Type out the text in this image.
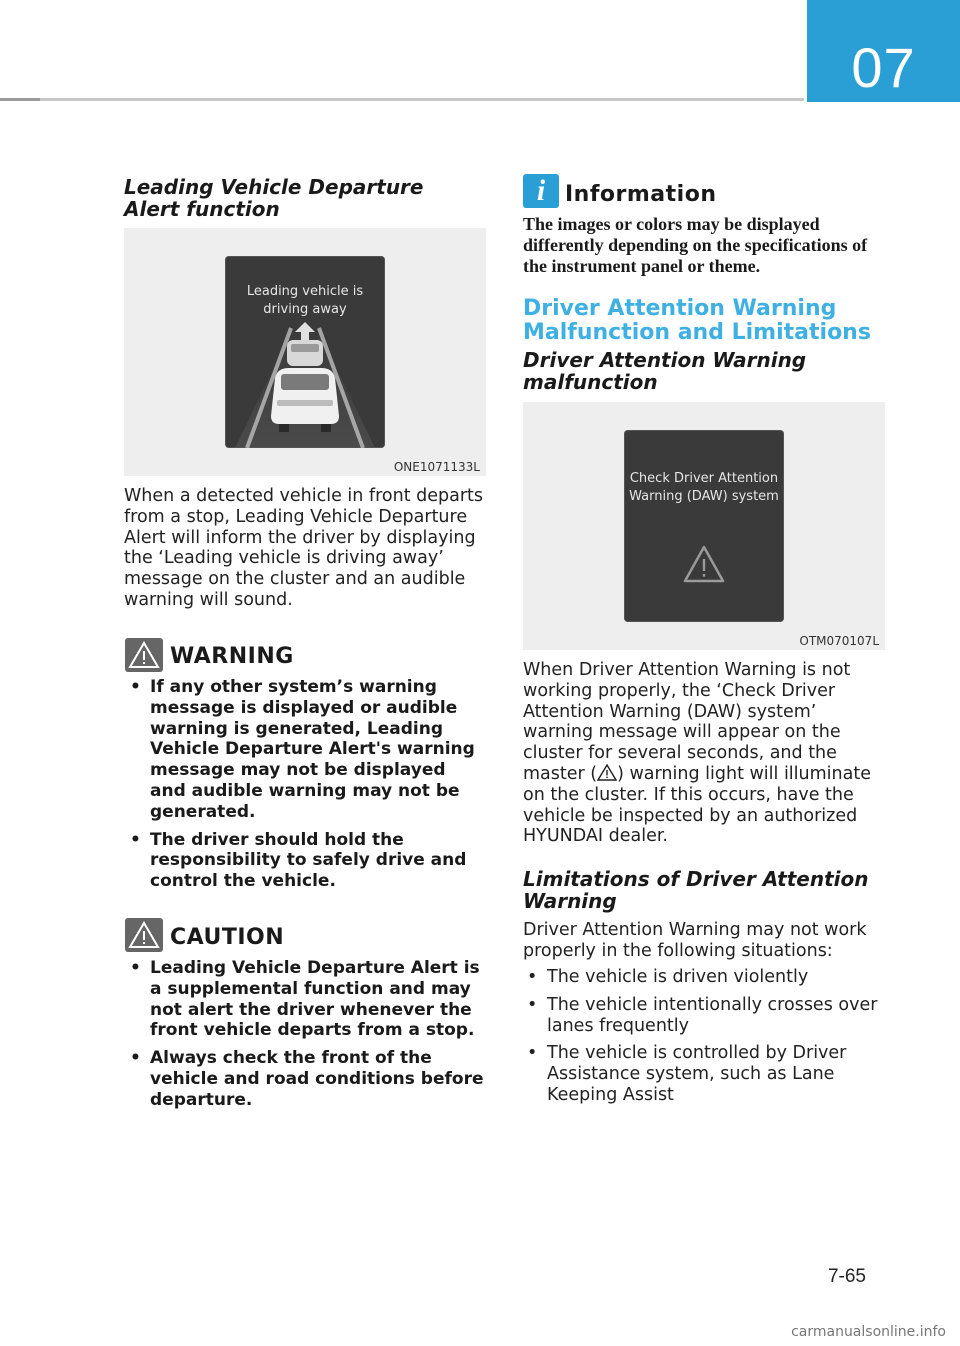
07
Leading Vehicle Departure Alert function
Leading vehicle is driving away
ONE1071133L
When a detected vehicle in front departs from a stop, Leading Vehicle Departure Alert will inform the driver by displaying the ‘Leading vehicle is driving away’ message on the cluster and an audible warning will sound.
WARNING
• If any other system’s warning message is displayed or audible warning is generated, Leading Vehicle Departure Alert's warning message may not be displayed and audible warning may not be generated.
• The driver should hold the responsibility to safely drive and control the vehicle.
CAUTION
• Leading Vehicle Departure Alert is a supplemental function and may not alert the driver whenever the front vehicle departs from a stop.
• Always check the front of the vehicle and road conditions before departure.
i Information
The images or colors may be displayed differently depending on the specifications of the instrument panel or theme.
Driver Attention Warning Malfunction and Limitations
Driver Attention Warning malfunction
Check Driver Attention Warning (DAW) system
OTM070107L
When Driver Attention Warning is not working properly, the ‘Check Driver Attention Warning (DAW) system’ warning message will appear on the cluster for several seconds, and the master ( ) warning light will illuminate on the cluster. If this occurs, have the vehicle be inspected by an authorized HYUNDAI dealer.
Limitations of Driver Attention Warning
Driver Attention Warning may not work properly in the following situations:
• The vehicle is driven violently
• The vehicle intentionally crosses over lanes frequently
• The vehicle is controlled by Driver Assistance system, such as Lane Keeping Assist
7-65
carmanualsonline.info
